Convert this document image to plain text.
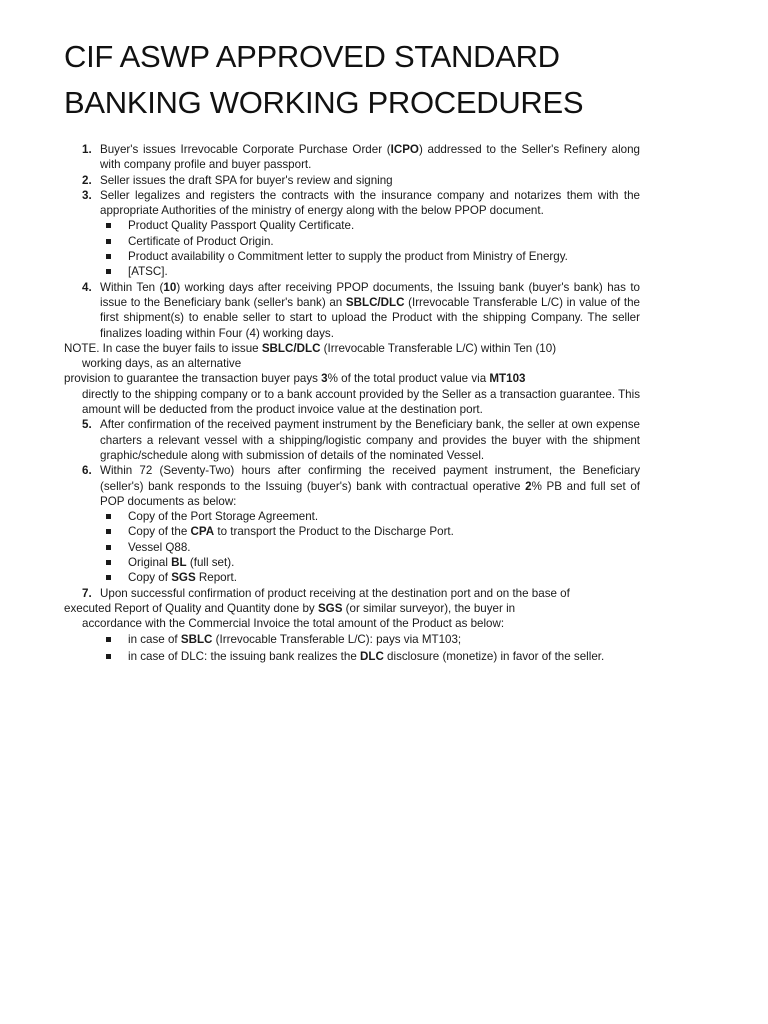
CIF ASWP APPROVED STANDARD
BANKING WORKING PROCEDURES
1. Buyer's issues Irrevocable Corporate Purchase Order (ICPO) addressed to the Seller's Refinery along with company profile and buyer passport.
2. Seller issues the draft SPA for buyer's review and signing
3. Seller legalizes and registers the contracts with the insurance company and notarizes them with the appropriate Authorities of the ministry of energy along with the below PPOP document.
Product Quality Passport Quality Certificate.
Certificate of Product Origin.
Product availability o Commitment letter to supply the product from Ministry of Energy.
[ATSC].
4. Within Ten (10) working days after receiving PPOP documents, the Issuing bank (buyer's bank) has to issue to the Beneficiary bank (seller's bank) an SBLC/DLC (Irrevocable Transferable L/C) in value of the first shipment(s) to enable seller to start to upload the Product with the shipping Company. The seller finalizes loading within Four (4) working days.
NOTE. In case the buyer fails to issue SBLC/DLC (Irrevocable Transferable L/C) within Ten (10)
working days, as an alternative
provision to guarantee the transaction buyer pays 3% of the total product value via MT103
directly to the shipping company or to a bank account provided by the Seller as a transaction guarantee. This amount will be deducted from the product invoice value at the destination port.
5. After confirmation of the received payment instrument by the Beneficiary bank, the seller at own expense charters a relevant vessel with a shipping/logistic company and provides the buyer with the shipment graphic/schedule along with submission of details of the nominated Vessel.
6. Within 72 (Seventy-Two) hours after confirming the received payment instrument, the Beneficiary (seller's) bank responds to the Issuing (buyer's) bank with contractual operative 2% PB and full set of POP documents as below:
Copy of the Port Storage Agreement.
Copy of the CPA to transport the Product to the Discharge Port.
Vessel Q88.
Original BL (full set).
Copy of SGS Report.
7. Upon successful confirmation of product receiving at the destination port and on the base of
executed Report of Quality and Quantity done by SGS (or similar surveyor), the buyer in
accordance with the Commercial Invoice the total amount of the Product as below:
in case of SBLC (Irrevocable Transferable L/C): pays via MT103;
in case of DLC: the issuing bank realizes the DLC disclosure (monetize) in favor of the seller.
